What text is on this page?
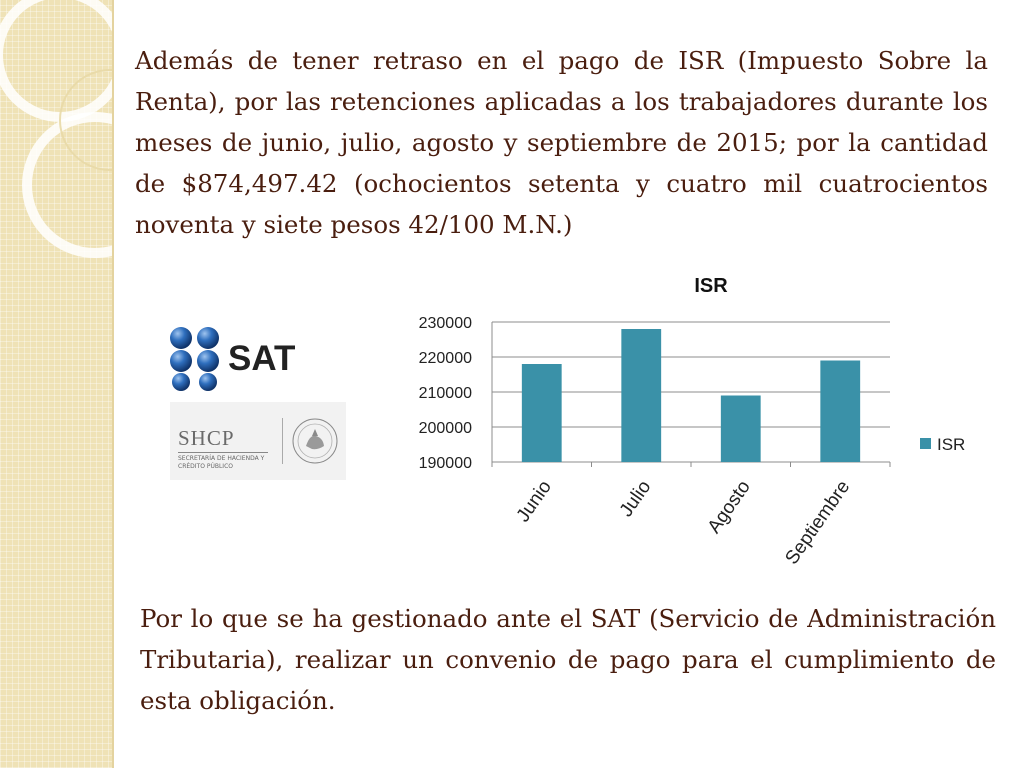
Además de tener retraso en el pago de ISR (Impuesto Sobre la Renta), por las retenciones aplicadas a los trabajadores durante los meses de junio, julio, agosto y septiembre de 2015; por la cantidad de $874,497.42 (ochocientos setenta y cuatro mil cuatrocientos noventa y siete pesos 42/100 M.N.)

SAT
SHCP
SECRETARÍA DE HACIENDA Y CRÉDITO PÚBLICO
ISR
190000
200000
210000
220000
230000
Junio	Julio	Agosto Septiembre
ISR

Por lo que se ha gestionado ante el SAT (Servicio de Administración Tributaria), realizar un convenio de pago para el cumplimiento de esta obligación.
